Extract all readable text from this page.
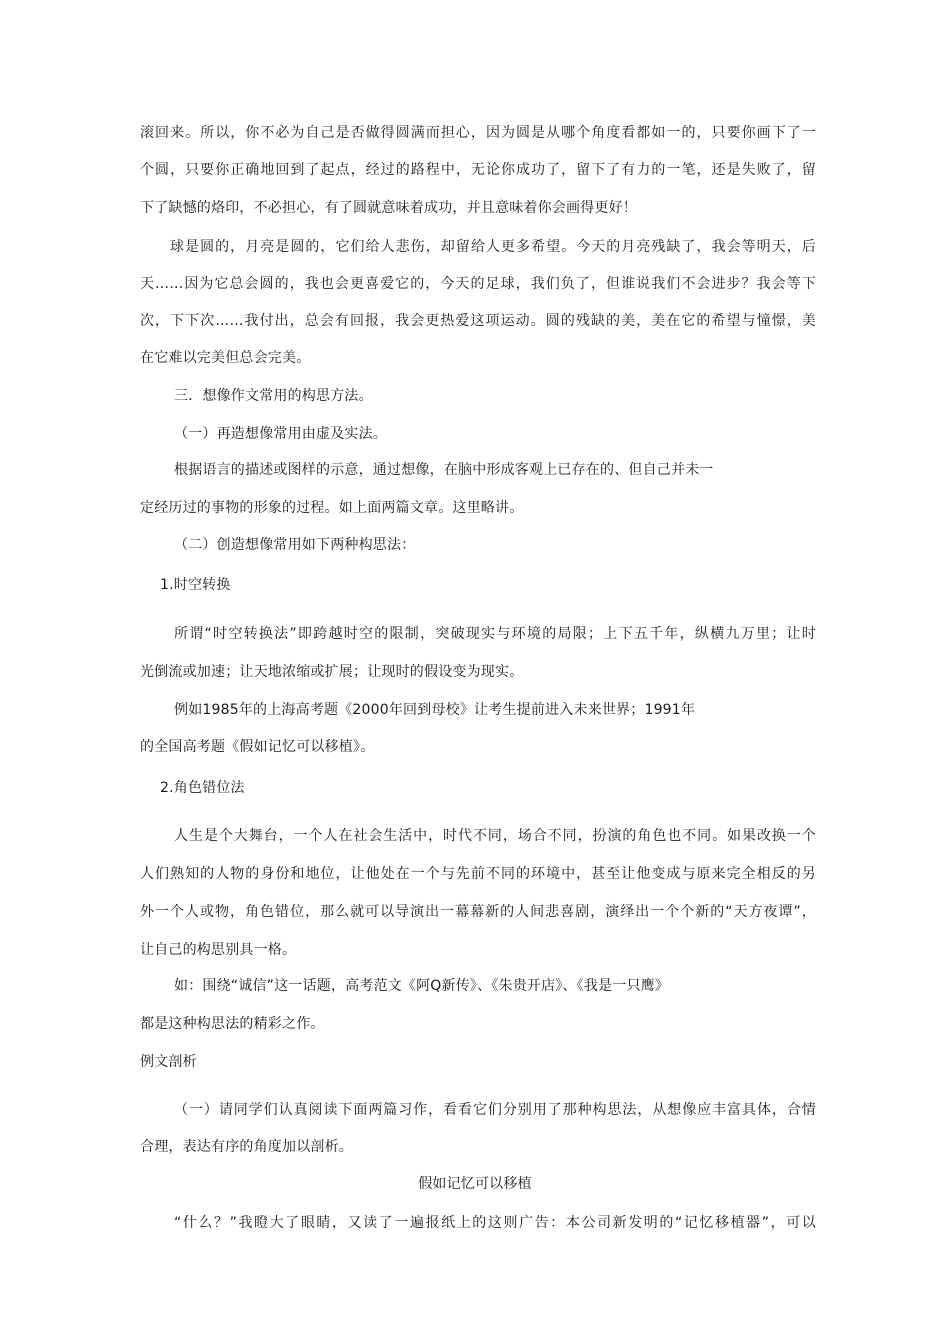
滚回来。所以，你不必为自己是否做得圆满而担心，因为圆是从哪个角度看都如一的，只要你画下了一
个圆，只要你正确地回到了起点，经过的路程中，无论你成功了，留下了有力的一笔，还是失败了，留
下了缺憾的烙印，不必担心，有了圆就意味着成功，并且意味着你会画得更好！
球是圆的，月亮是圆的，它们给人悲伤，却留给人更多希望。今天的月亮残缺了，我会等明天，后
天……因为它总会圆的，我也会更喜爱它的，今天的足球，我们负了，但谁说我们不会进步？我会等下
次，下下次……我付出，总会有回报，我会更热爱这项运动。圆的残缺的美，美在它的希望与憧憬，美
在它难以完美但总会完美。
三．想像作文常用的构思方法。
（一）再造想像常用由虚及实法。
根据语言的描述或图样的示意，通过想像，在脑中形成客观上已存在的、但自己并未一
定经历过的事物的形象的过程。如上面两篇文章。这里略讲。
（二）创造想像常用如下两种构思法：
1.时空转换
所谓“时空转换法”即跨越时空的限制，突破现实与环境的局限；上下五千年，纵横九万里；让时
光倒流或加速；让天地浓缩或扩展；让现时的假设变为现实。
例如1985年的上海高考题《2000年回到母校》让考生提前进入未来世界；1991年
的全国高考题《假如记忆可以移植》。
2.角色错位法
人生是个大舞台，一个人在社会生活中，时代不同，场合不同，扮演的角色也不同。如果改换一个
人们熟知的人物的身份和地位，让他处在一个与先前不同的环境中，甚至让他变成与原来完全相反的另
外一个人或物，角色错位，那么就可以导演出一幕幕新的人间悲喜剧，演绎出一个个新的“天方夜谭”，
让自己的构思别具一格。
如：围绕“诚信”这一话题，高考范文《阿Q新传》、《朱贵开店》、《我是一只鹰》
都是这种构思法的精彩之作。
例文剖析
（一）请同学们认真阅读下面两篇习作，看看它们分别用了那种构思法，从想像应丰富具体，合情
合理，表达有序的角度加以剖析。
假如记忆可以移植
“什么？”我瞪大了眼睛，又读了一遍报纸上的这则广告：本公司新发明的“记忆移植器”，可以
